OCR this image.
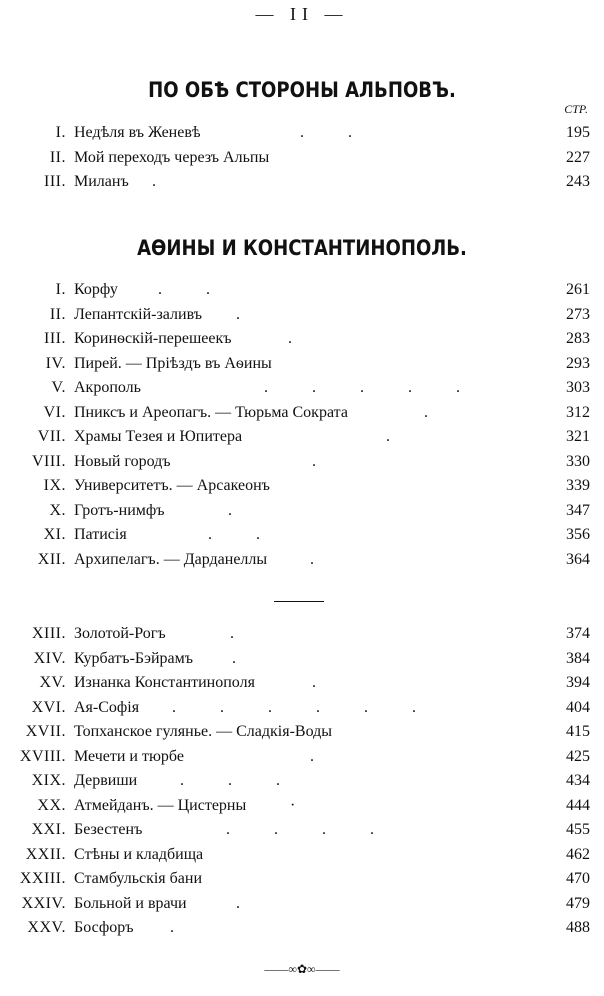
— II —
ПО ОБѢ СТОРОНЫ АЛЬПОВЪ.
СТР.
I. Недѣля въ Женевѣ	. .	195
II. Мой переходъ черезъ Альпы	227
III. Миланъ .	243
АѲИНЫ И КОНСТАНТИНОПОЛЬ.
I. Корфу	. .	261
II. Лепантскій-заливъ .	273
III. Коринѳскій-перешеекъ	.	283
IV. Пирей. — Пріѣздъ въ Аѳины	293
V. Акрополь	. . . . .	303
VI. Пниксъ и Ареопагъ. — Тюрьма Сократа	.	312
VII. Храмы Тезея и Юпитера	.	321
VIII. Новый городъ	.	330
IX. Университетъ. — Арсакеонъ	339
X. Гротъ-нимфъ	.	347
XI. Патисія	. .	356
XII. Архипелагъ. — Дарданеллы	.	364
XIII. Золотой-Рогъ	.	374
XIV. Курбатъ-Бэйрамъ .	384
XV. Изнанка Константинополя	.	394
XVI. Ая-Софія . . . . . .	404
XVII. Топханское гулянье. — Сладкія-Воды	415
XVIII. Мечети и тюрбе	.	425
XIX. Дервиши	. . .	434
XX. Атмейданъ. — Цистерны	·	444
XXI. Безестенъ	. . . .	455
XXII. Стѣны и кладбища	462
XXIII. Стамбульскія бани	470
XXIV. Больной и врачи	.	479
XXV. Босфоръ .	488
——∞✿∞——
